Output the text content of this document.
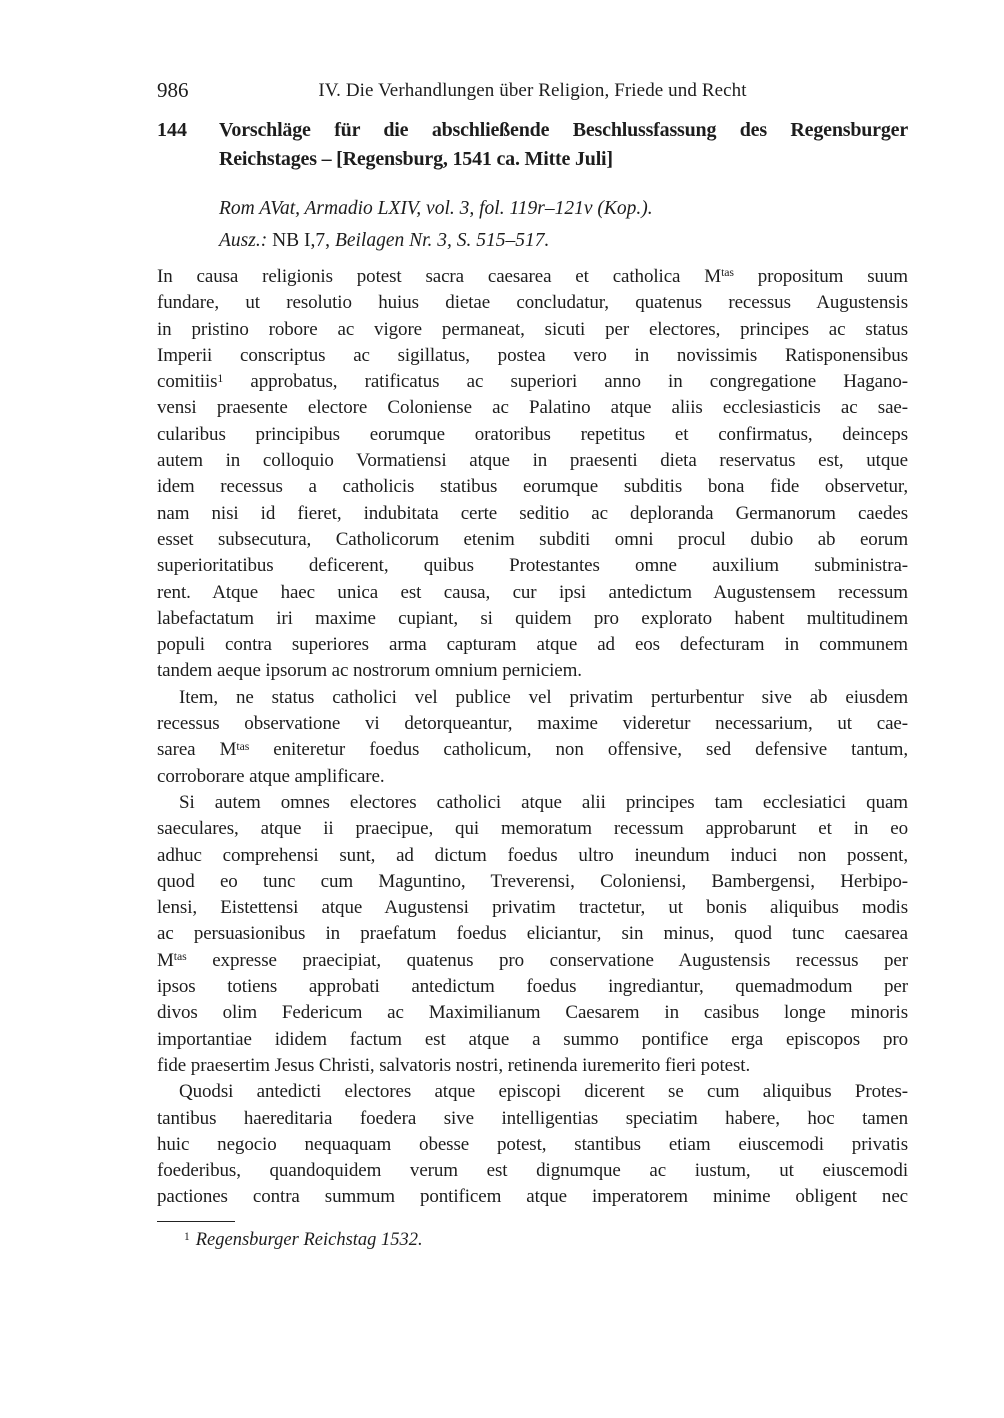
986	IV. Die Verhandlungen über Religion, Friede und Recht
144	Vorschläge für die abschließende Beschlussfassung des Regensburger
Reichstages – [Regensburg, 1541 ca. Mitte Juli]
Rom AVat, Armadio LXIV, vol. 3, fol. 119r–121v (Kop.).
Ausz.: NB I,7, Beilagen Nr. 3, S. 515–517.
In causa religionis potest sacra caesarea et catholica $M^{tas}$ propositum suum
fundare, ut resolutio huius dietae concludatur, quatenus recessus Augustensis
in pristino robore ac vigore permaneat, sicuti per electores, principes ac status
Imperii conscriptus ac sigillatus, postea vero in novissimis Ratisponensibus
comitiis$^1$ approbatus, ratificatus ac superiori anno in congregatione Hagano-
vensi praesente electore Coloniense ac Palatino atque aliis ecclesiasticis ac sae-
cularibus principibus eorumque oratoribus repetitus et confirmatus, deinceps
autem in colloquio Vormatiensi atque in praesenti dieta reservatus est, utque
idem recessus a catholicis statibus eorumque subditis bona fide observetur,
nam nisi id fieret, indubitata certe seditio ac deploranda Germanorum caedes
esset subsecutura, Catholicorum etenim subditi omni procul dubio ab eorum
superioritatibus deficerent, quibus Protestantes omne auxilium subministra-
rent. Atque haec unica est causa, cur ipsi antedictum Augustensem recessum
labefactatum iri maxime cupiant, si quidem pro explorato habent multitudinem
populi contra superiores arma capturam atque ad eos defecturam in communem
tandem aeque ipsorum ac nostrorum omnium perniciem.
Item, ne status catholici vel publice vel privatim perturbentur sive ab eiusdem
recessus observatione vi detorqueantur, maxime videretur necessarium, ut cae-
sarea $M^{tas}$ eniteretur foedus catholicum, non offensive, sed defensive tantum,
corroborare atque amplificare.
Si autem omnes electores catholici atque alii principes tam ecclesiatici quam
saeculares, atque ii praecipue, qui memoratum recessum approbarunt et in eo
adhuc comprehensi sunt, ad dictum foedus ultro ineundum induci non possent,
quod eo tunc cum Maguntino, Treverensi, Coloniensi, Bambergensi, Herbipo-
lensi, Eistettensi atque Augustensi privatim tractetur, ut bonis aliquibus modis
ac persuasionibus in praefatum foedus eliciantur, sin minus, quod tunc caesarea
$M^{tas}$ expresse praecipiat, quatenus pro conservatione Augustensis recessus per
ipsos totiens approbati antedictum foedus ingrediantur, quemadmodum per
divos olim Federicum ac Maximilianum Caesarem in casibus longe minoris
importantiae ididem factum est atque a summo pontifice erga episcopos pro
fide praesertim Jesus Christi, salvatoris nostri, retinenda iuremerito fieri potest.
Quodsi antedicti electores atque episcopi dicerent se cum aliquibus Protes-
tantibus haereditaria foedera sive intelligentias speciatim habere, hoc tamen
huic negocio nequaquam obesse potest, stantibus etiam eiuscemodi privatis
foederibus, quandoquidem verum est dignumque ac iustum, ut eiuscemodi
pactiones contra summum pontificem atque imperatorem minime obligent nec
$^1$ Regensburger Reichstag 1532.
